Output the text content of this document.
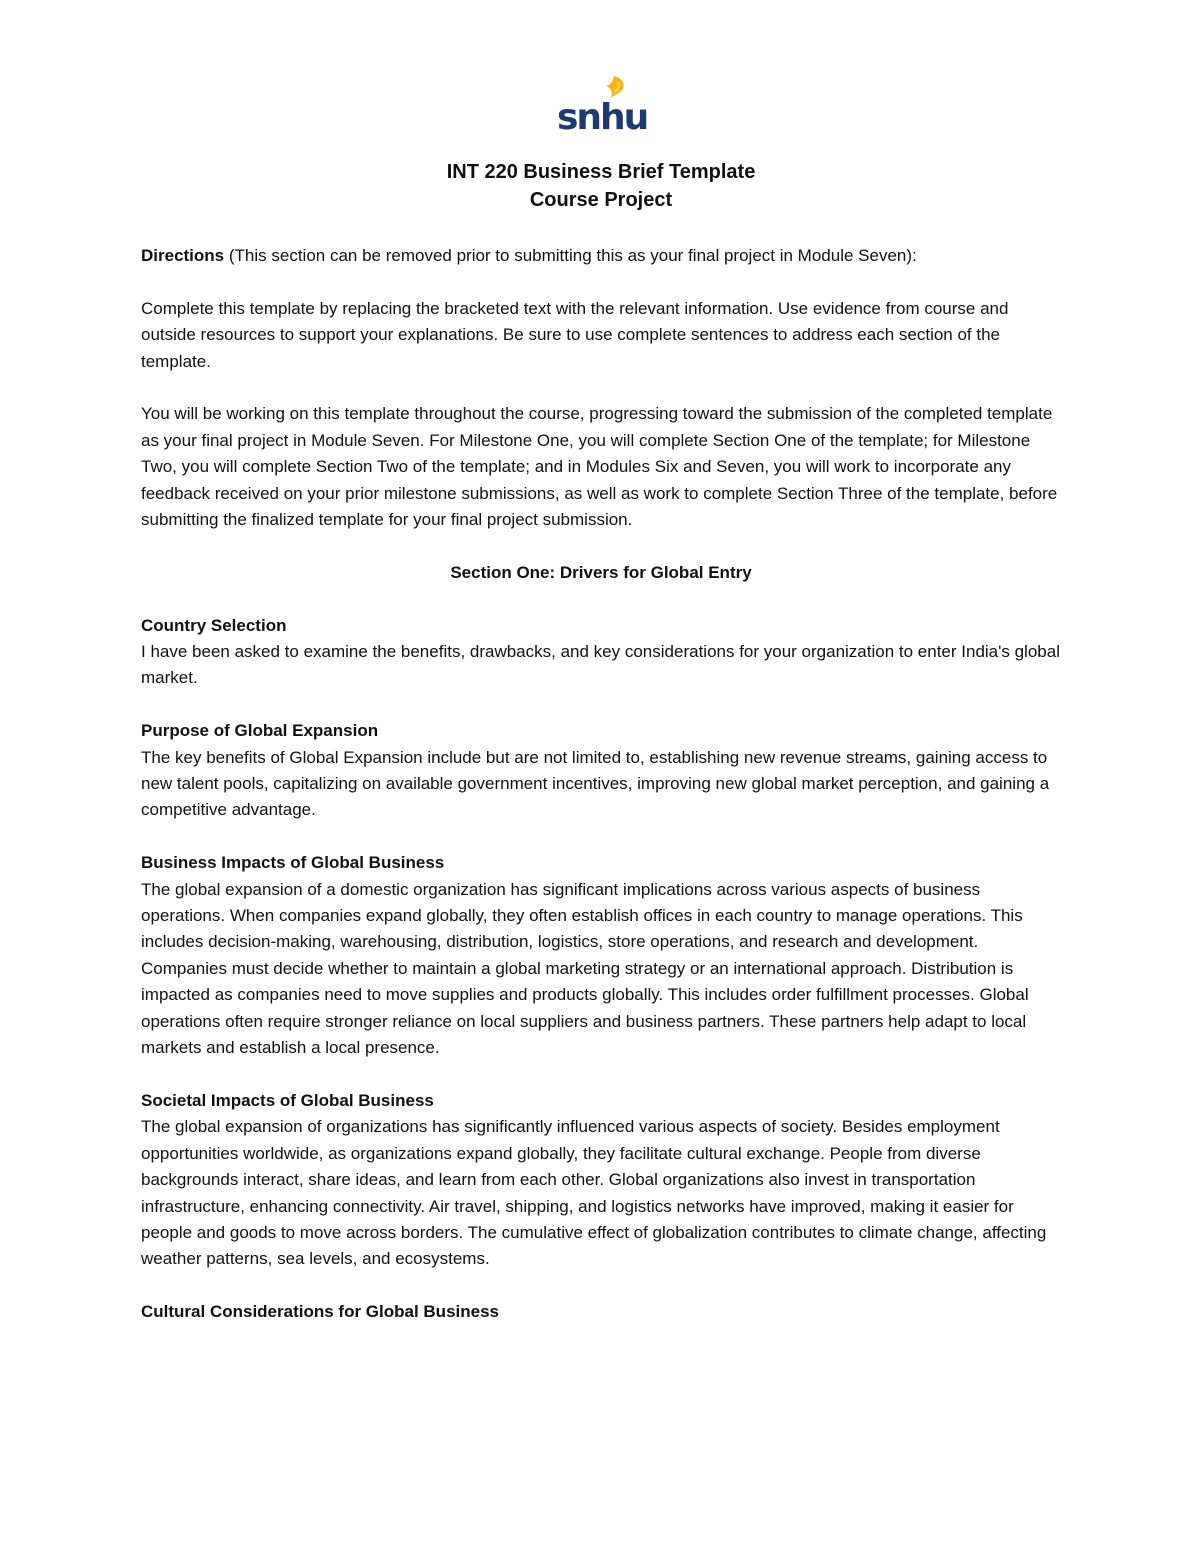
snhu
INT 220 Business Brief Template
Course Project

Directions (This section can be removed prior to submitting this as your final project in Module Seven):

Complete this template by replacing the bracketed text with the relevant information. Use evidence from course and outside resources to support your explanations. Be sure to use complete sentences to address each section of the template.

You will be working on this template throughout the course, progressing toward the submission of the completed template as your final project in Module Seven. For Milestone One, you will complete Section One of the template; for Milestone Two, you will complete Section Two of the template; and in Modules Six and Seven, you will work to incorporate any feedback received on your prior milestone submissions, as well as work to complete Section Three of the template, before submitting the finalized template for your final project submission.

Section One: Drivers for Global Entry
Country Selection

I have been asked to examine the benefits, drawbacks, and key considerations for your organization to enter India's global market.

Purpose of Global Expansion

The key benefits of Global Expansion include but are not limited to, establishing new revenue streams, gaining access to new talent pools, capitalizing on available government incentives, improving new global market perception, and gaining a competitive advantage.

Business Impacts of Global Business

The global expansion of a domestic organization has significant implications across various aspects of business operations. When companies expand globally, they often establish offices in each country to manage operations. This includes decision-making, warehousing, distribution, logistics, store operations, and research and development. Companies must decide whether to maintain a global marketing strategy or an international approach. Distribution is impacted as companies need to move supplies and products globally. This includes order fulfillment processes. Global operations often require stronger reliance on local suppliers and business partners. These partners help adapt to local markets and establish a local presence.

Societal Impacts of Global Business

The global expansion of organizations has significantly influenced various aspects of society. Besides employment opportunities worldwide, as organizations expand globally, they facilitate cultural exchange. People from diverse backgrounds interact, share ideas, and learn from each other. Global organizations also invest in transportation infrastructure, enhancing connectivity. Air travel, shipping, and logistics networks have improved, making it easier for people and goods to move across borders. The cumulative effect of globalization contributes to climate change, affecting weather patterns, sea levels, and ecosystems.

Cultural Considerations for Global Business
